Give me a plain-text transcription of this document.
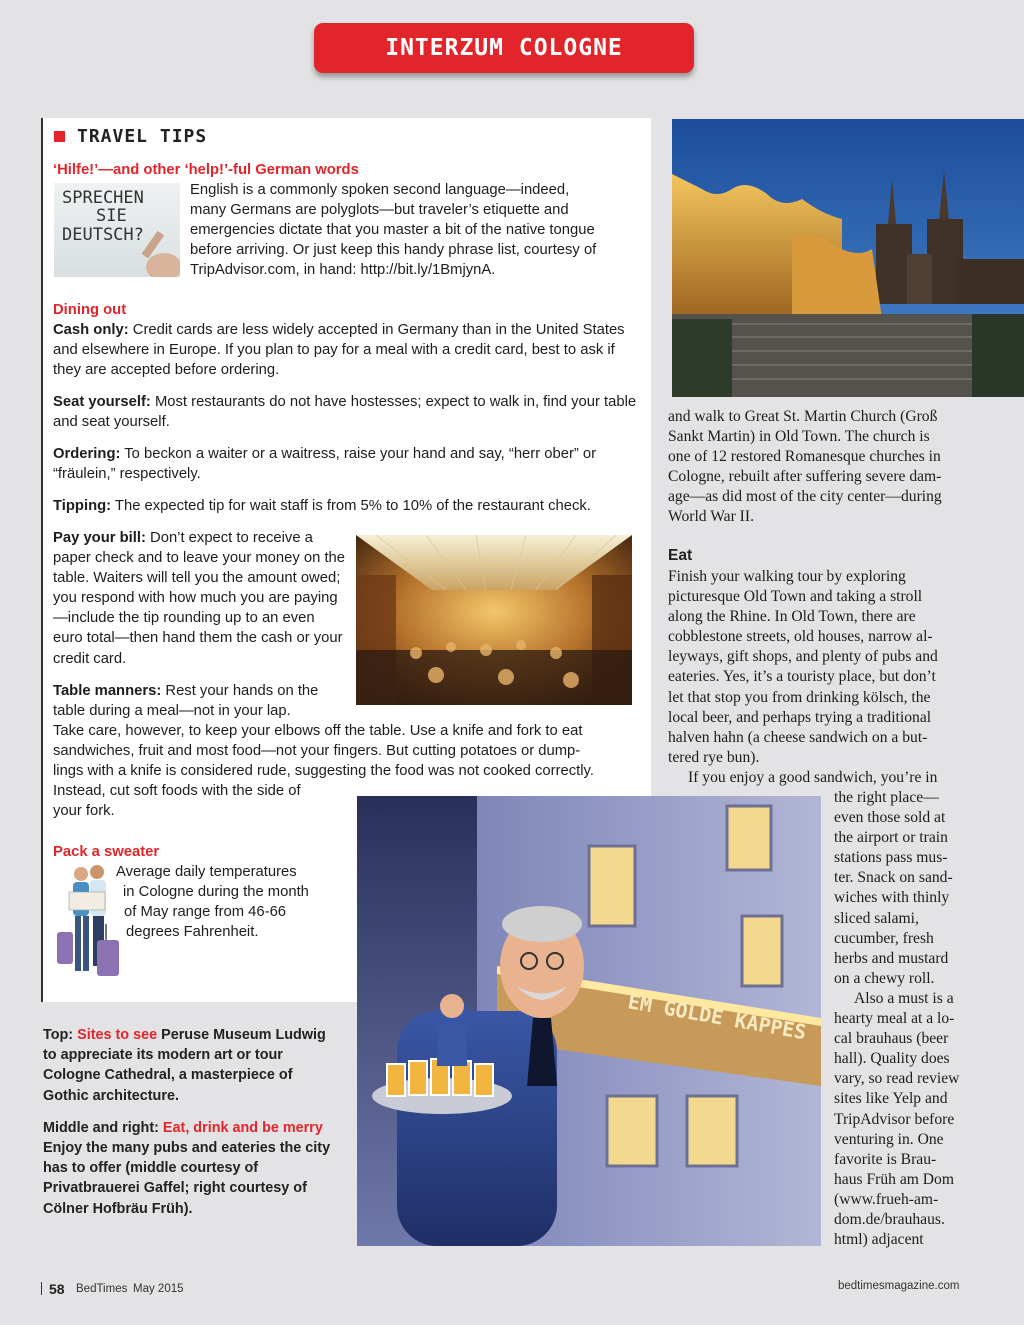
INTERZUM COLOGNE
TRAVEL TIPS
‘Hilfe!’—and other ‘help!’-ful German words
SPRECHEN
SIE
DEUTSCH?
English is a commonly spoken second language—indeed,
many Germans are polyglots—but traveler’s etiquette and
emergencies dictate that you master a bit of the native tongue
before arriving. Or just keep this handy phrase list, courtesy of
TripAdvisor.com, in hand: http://bit.ly/1BmjynA.
Dining out

Cash only: Credit cards are less widely accepted in Germany than in the United States and elsewhere in Europe. If you plan to pay for a meal with a credit card, best to ask if they are accepted before ordering.

Seat yourself: Most restaurants do not have hostesses; expect to walk in, find your table and seat yourself.

Ordering: To beckon a waiter or a waitress, raise your hand and say, “herr ober” or “fräulein,” respectively.

Tipping: The expected tip for wait staff is from 5% to 10% of the restaurant check.

Pay your bill: Don’t expect to receive a paper check and to leave your money on the table. Waiters will tell you the amount owed; you respond with how much you are paying—include the tip rounding up to an even euro total—then hand them the cash or your credit card.

Table manners: Rest your hands on the table during a meal—not in your lap.

Take care, however, to keep your elbows off the table. Use a knife and fork to eat
sandwiches, fruit and most food—not your fingers. But cutting potatoes or dump-
lings with a knife is considered rude, suggesting the food was not cooked correctly.
Instead, cut soft foods with the side of
your fork.
Pack a sweater
Average daily temperatures
in Cologne during the month
of May range from 46-66
degrees Fahrenheit.

Top: Sites to see Peruse Museum Ludwig to appreciate its modern art or tour Cologne Cathedral, a masterpiece of Gothic architecture.

Middle and right: Eat, drink and be merry Enjoy the many pubs and eateries the city has to offer (middle courtesy of Privatbrauerei Gaffel; right courtesy of Cölner Hofbräu Früh).

and walk to Great St. Martin Church (Groß
Sankt Martin) in Old Town. The church is
one of 12 restored Romanesque churches in
Cologne, rebuilt after suffering severe dam-
age—as did most of the city center—during
World War II.
Eat
Finish your walking tour by exploring
picturesque Old Town and taking a stroll
along the Rhine. In Old Town, there are
cobblestone streets, old houses, narrow al-
leyways, gift shops, and plenty of pubs and
eateries. Yes, it’s a touristy place, but don’t
let that stop you from drinking kölsch, the
local beer, and perhaps trying a traditional
halven hahn (a cheese sandwich on a but-
tered rye bun).
If you enjoy a good sandwich, you’re in
the right place—
even those sold at
the airport or train
stations pass mus-
ter. Snack on sand-
wiches with thinly
sliced salami,
cucumber, fresh
herbs and mustard
on a chewy roll.
Also a must is a
hearty meal at a lo-
cal brauhaus (beer
hall). Quality does
vary, so read review
sites like Yelp and
TripAdvisor before
venturing in. One
favorite is Brau-
haus Früh am Dom
(www.frueh-am-
dom.de/brauhaus.
html) adjacent
EM GOLDE KAPPES
58 BedTimes May 2015	bedtimesmagazine.com
